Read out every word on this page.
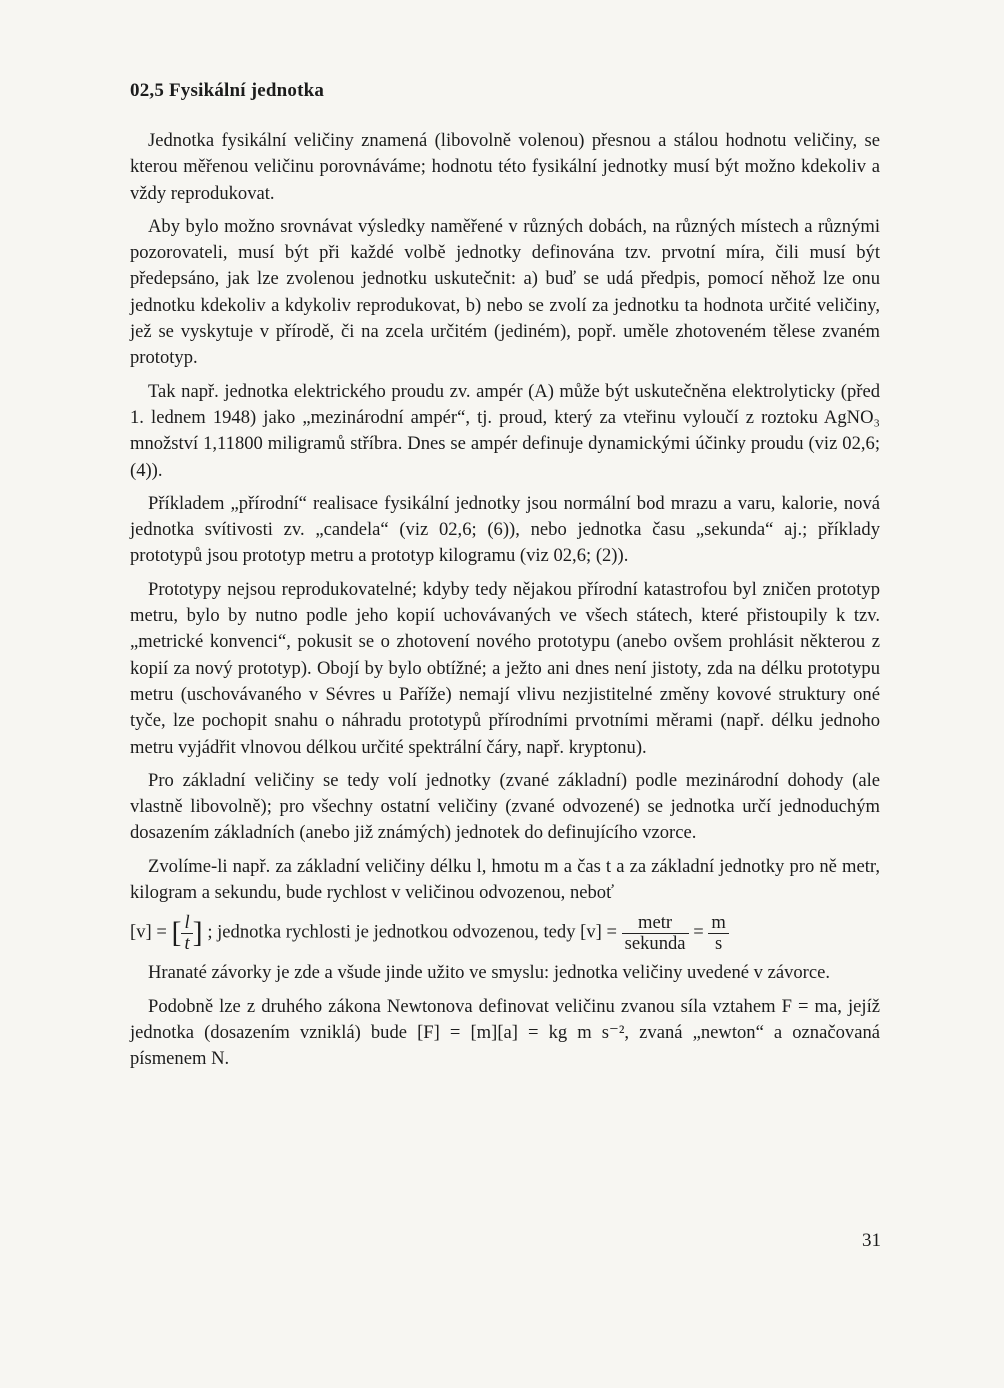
02,5 Fysikální jednotka

Jednotka fysikální veličiny znamená (libovolně volenou) přesnou a stálou hodnotu veličiny, se kterou měřenou veličinu porovnáváme; hodnotu této fysikální jednotky musí být možno kdekoliv a vždy reprodukovat.

Aby bylo možno srovnávat výsledky naměřené v různých dobách, na různých místech a různými pozorovateli, musí být při každé volbě jednotky definována tzv. prvotní míra, čili musí být předepsáno, jak lze zvolenou jednotku uskutečnit: a) buď se udá předpis, pomocí něhož lze onu jednotku kdekoliv a kdykoliv reprodukovat, b) nebo se zvolí za jednotku ta hodnota určité veličiny, jež se vyskytuje v přírodě, či na zcela určitém (jediném), popř. uměle zhotoveném tělese zvaném prototyp.

Tak např. jednotka elektrického proudu zv. ampér (A) může být uskutečněna elektrolyticky (před 1. lednem 1948) jako „mezinárodní ampér“, tj. proud, který za vteřinu vyloučí z roztoku AgNO₃ množství 1,11800 miligramů stříbra. Dnes se ampér definuje dynamickými účinky proudu (viz 02,6; (4)).

Příkladem „přírodní“ realisace fysikální jednotky jsou normální bod mrazu a varu, kalorie, nová jednotka svítivosti zv. „candela“ (viz 02,6; (6)), nebo jednotka času „sekunda“ aj.; příklady prototypů jsou prototyp metru a prototyp kilogramu (viz 02,6; (2)).

Prototypy nejsou reprodukovatelné; kdyby tedy nějakou přírodní katastrofou byl zničen prototyp metru, bylo by nutno podle jeho kopií uchovávaných ve všech státech, které přistoupily k tzv. „metrické konvenci“, pokusit se o zhotovení nového prototypu (anebo ovšem prohlásit některou z kopií za nový prototyp). Obojí by bylo obtížné; a ježto ani dnes není jistoty, zda na délku prototypu metru (uschovávaného v Sévres u Paříže) nemají vlivu nezjistitelné změny kovové struktury oné tyče, lze pochopit snahu o náhradu prototypů přírodními prvotními měrami (např. délku jednoho metru vyjádřit vlnovou délkou určité spektrální čáry, např. kryptonu).

Pro základní veličiny se tedy volí jednotky (zvané základní) podle mezinárodní dohody (ale vlastně libovolně); pro všechny ostatní veličiny (zvané odvozené) se jednotka určí jednoduchým dosazením základních (anebo již známých) jednotek do definujícího vzorce.

Zvolíme-li např. za základní veličiny délku l, hmotu m a čas t a za základní jednotky pro ně metr, kilogram a sekundu, bude rychlost v veličinou odvozenou, neboť

[v] = [ $\frac{l}{t}$ ] ; jednotka rychlosti je jednotkou odvozenou, tedy $[v] = \frac{\text{metr}}{\text{sekunda}} = \frac{m}{s}$

Hranaté závorky je zde a všude jinde užito ve smyslu: jednotka veličiny uvedené v závorce.

Podobně lze z druhého zákona Newtonova definovat veličinu zvanou síla vztahem F = ma, jejíž jednotka (dosazením vzniklá) bude [F] = [m][a] = kg m s⁻², zvaná „newton“ a označovaná písmenem N.

31
